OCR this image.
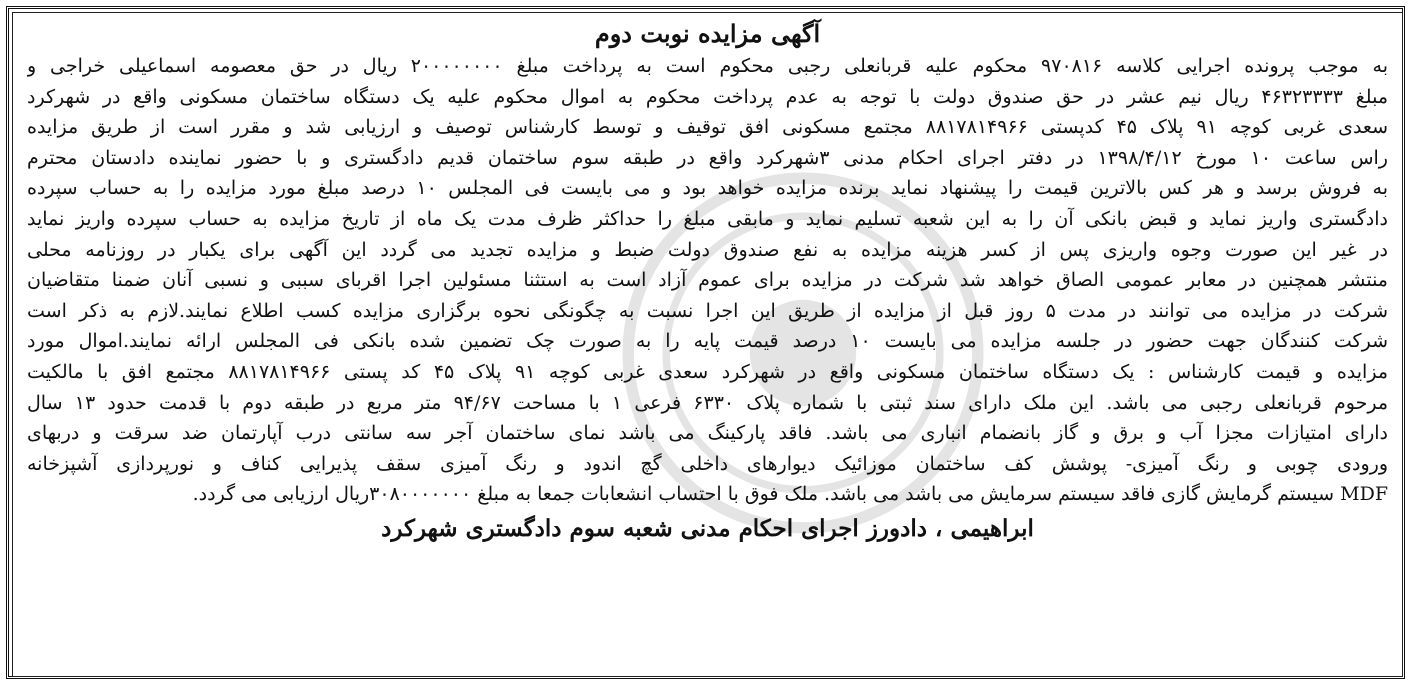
آگهی مزایده نوبت دوم
به موجب پرونده اجرایی کلاسه ۹۷۰۸۱۶ محکوم علیه قربانعلی رجبی محکوم است به پرداخت مبلغ ۲۰۰۰۰۰۰۰۰ ریال در حق معصومه اسماعیلی خراجی و
مبلغ ۴۶۳۲۳۳۳۳ ریال نیم عشر در حق صندوق دولت با توجه به عدم پرداخت محکوم به اموال محکوم علیه یک دستگاه ساختمان مسکونی واقع در شهرکرد
سعدی غربی کوچه ۹۱ پلاک ۴۵ کدپستی ۸۸۱۷۸۱۴۹۶۶ مجتمع مسکونی افق توقیف و توسط کارشناس توصیف و ارزیابی شد و مقرر است از طریق مزایده
راس ساعت ۱۰ مورخ ۱۳۹۸/۴/۱۲ در دفتر اجرای احکام مدنی ۳شهرکرد واقع در طبقه سوم ساختمان قدیم دادگستری و با حضور نماینده دادستان محترم
به فروش برسد و هر کس بالاترین قیمت را پیشنهاد نماید برنده مزایده خواهد بود و می بایست فی المجلس ۱۰ درصد مبلغ مورد مزایده را به حساب سپرده
دادگستری واریز نماید و قبض بانکی آن را به این شعبه تسلیم نماید و مابقی مبلغ را حداکثر ظرف مدت یک ماه از تاریخ مزایده به حساب سپرده واریز نماید
در غیر این صورت وجوه واریزی پس از کسر هزینه مزایده به نفع صندوق دولت ضبط و مزایده تجدید می گردد این آگهی برای یکبار در روزنامه محلی
منتشر همچنین در معابر عمومی الصاق خواهد شد شرکت در مزایده برای عموم آزاد است به استثنا مسئولین اجرا اقربای سببی و نسبی آنان ضمنا متقاضیان
شرکت در مزایده می توانند در مدت ۵ روز قبل از مزایده از طریق این اجرا نسبت به چگونگی نحوه برگزاری مزایده کسب اطلاع نمایند.لازم به ذکر است
شرکت کنندگان جهت حضور در جلسه مزایده می بایست ۱۰ درصد قیمت پایه را به صورت چک تضمین شده بانکی فی المجلس ارائه نمایند.اموال مورد
مزایده و قیمت کارشناس : یک دستگاه ساختمان مسکونی واقع در شهرکرد سعدی غربی کوچه ۹۱ پلاک ۴۵ کد پستی ۸۸۱۷۸۱۴۹۶۶ مجتمع افق با مالکیت
مرحوم قربانعلی رجبی می باشد. این ملک دارای سند ثبتی با شماره پلاک ۶۳۳۰ فرعی ۱ با مساحت ۹۴/۶۷ متر مربع در طبقه دوم با قدمت حدود ۱۳ سال
دارای امتیازات مجزا آب و برق و گاز بانضمام انباری می باشد. فاقد پارکینگ می باشد نمای ساختمان آجر سه سانتی درب آپارتمان ضد سرقت و دربهای
ورودی چوبی و رنگ آمیزی- پوشش کف ساختمان موزائیک دیوارهای داخلی گچ اندود و رنگ آمیزی سقف پذیرایی کناف و نورپردازی آشپزخانه
MDF سیستم گرمایش گازی فاقد سیستم سرمایش می باشد می باشد. ملک فوق با احتساب انشعابات جمعا به مبلغ ۳۰۸۰۰۰۰۰۰۰ریال ارزیابی می گردد.
ابراهیمی ، دادورز اجرای احکام مدنی شعبه سوم دادگستری شهرکرد
